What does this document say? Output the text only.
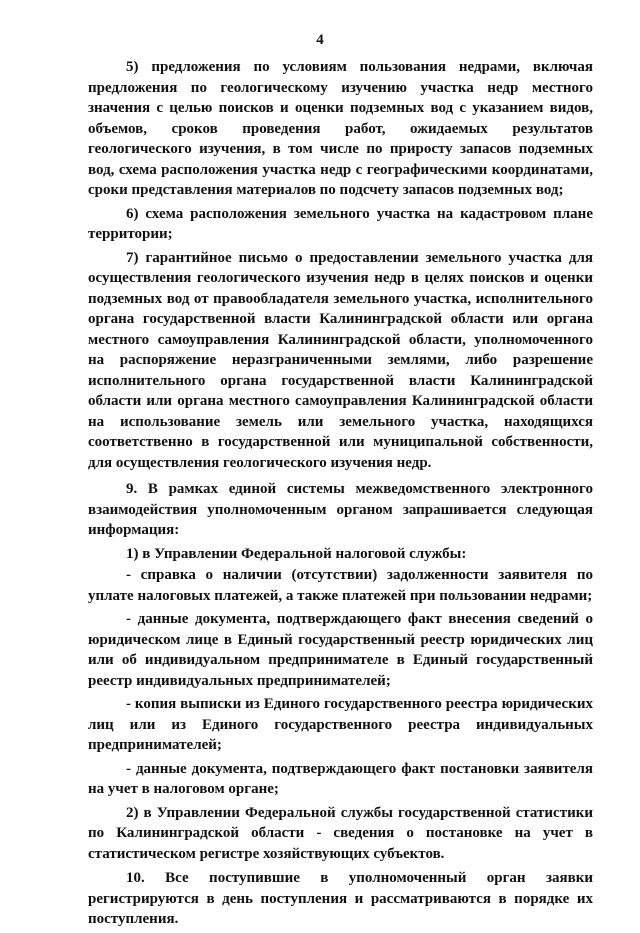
4

5) предложения по условиям пользования недрами, включая предложения по геологическому изучению участка недр местного значения с целью поисков и оценки подземных вод с указанием видов, объемов, сроков проведения работ, ожидаемых результатов геологического изучения, в том числе по приросту запасов подземных вод, схема расположения участка недр с географическими координатами, сроки представления материалов по подсчету запасов подземных вод;

6) схема расположения земельного участка на кадастровом плане территории;

7) гарантийное письмо о предоставлении земельного участка для осуществления геологического изучения недр в целях поисков и оценки подземных вод от правообладателя земельного участка, исполнительного органа государственной власти Калининградской области или органа местного самоуправления Калининградской области, уполномоченного на распоряжение неразграниченными землями, либо разрешение исполнительного органа государственной власти Калининградской области или органа местного самоуправления Калининградской области на использование земель или земельного участка, находящихся соответственно в государственной или муниципальной собственности, для осуществления геологического изучения недр.

9. В рамках единой системы межведомственного электронного взаимодействия уполномоченным органом запрашивается следующая информация:

1) в Управлении Федеральной налоговой службы:

- справка о наличии (отсутствии) задолженности заявителя по уплате налоговых платежей, а также платежей при пользовании недрами;

- данные документа, подтверждающего факт внесения сведений о юридическом лице в Единый государственный реестр юридических лиц или об индивидуальном предпринимателе в Единый государственный реестр индивидуальных предпринимателей;

- копия выписки из Единого государственного реестра юридических лиц или из Единого государственного реестра индивидуальных предпринимателей;

- данные документа, подтверждающего факт постановки заявителя на учет в налоговом органе;

2) в Управлении Федеральной службы государственной статистики по Калининградской области - сведения о постановке на учет в статистическом регистре хозяйствующих субъектов.

10. Все поступившие в уполномоченный орган заявки регистрируются в день поступления и рассматриваются в порядке их поступления.
